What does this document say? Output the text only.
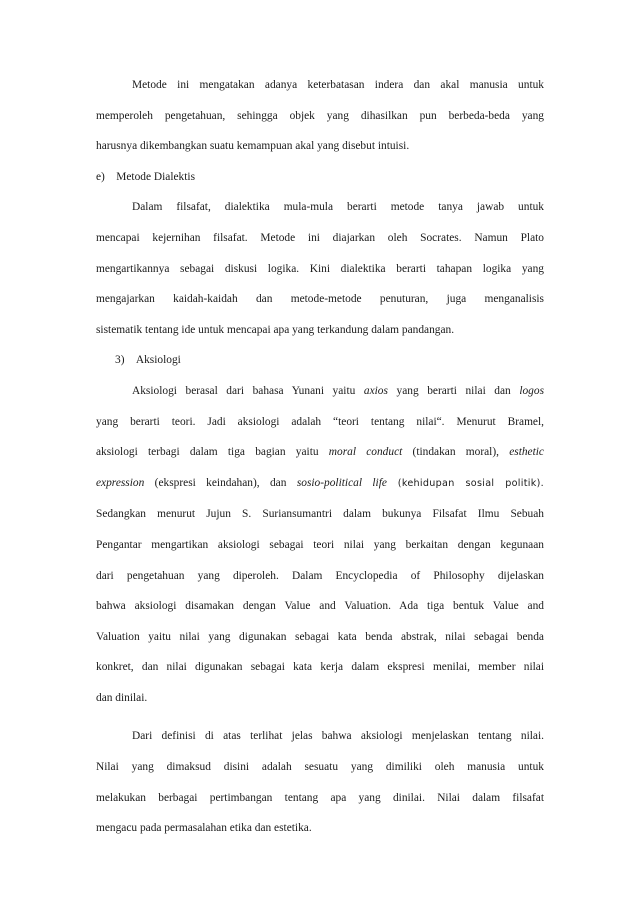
Metode ini mengatakan adanya keterbatasan indera dan akal manusia untuk
memperoleh pengetahuan, sehingga objek yang dihasilkan pun berbeda-beda yang
harusnya dikembangkan suatu kemampuan akal yang disebut intuisi.

e) Metode Dialektis

Dalam filsafat, dialektika mula-mula berarti metode tanya jawab untuk
mencapai kejernihan filsafat. Metode ini diajarkan oleh Socrates. Namun Plato
mengartikannya sebagai diskusi logika. Kini dialektika berarti tahapan logika yang
mengajarkan kaidah-kaidah dan metode-metode penuturan, juga menganalisis
sistematik tentang ide untuk mencapai apa yang terkandung dalam pandangan.

3) Aksiologi

Aksiologi berasal dari bahasa Yunani yaitu axios yang berarti nilai dan logos
yang berarti teori. Jadi aksiologi adalah “teori tentang nilai“. Menurut Bramel,
aksiologi terbagi dalam tiga bagian yaitu moral conduct (tindakan moral), esthetic
expression (ekspresi keindahan), dan sosio-political life (kehidupan sosial politik).
Sedangkan menurut Jujun S. Suriansumantri dalam bukunya Filsafat Ilmu Sebuah
Pengantar mengartikan aksiologi sebagai teori nilai yang berkaitan dengan kegunaan
dari pengetahuan yang diperoleh. Dalam Encyclopedia of Philosophy dijelaskan
bahwa aksiologi disamakan dengan Value and Valuation. Ada tiga bentuk Value and
Valuation yaitu nilai yang digunakan sebagai kata benda abstrak, nilai sebagai benda
konkret, dan nilai digunakan sebagai kata kerja dalam ekspresi menilai, member nilai
dan dinilai.

Dari definisi di atas terlihat jelas bahwa aksiologi menjelaskan tentang nilai.
Nilai yang dimaksud disini adalah sesuatu yang dimiliki oleh manusia untuk
melakukan berbagai pertimbangan tentang apa yang dinilai. Nilai dalam filsafat
mengacu pada permasalahan etika dan estetika.
